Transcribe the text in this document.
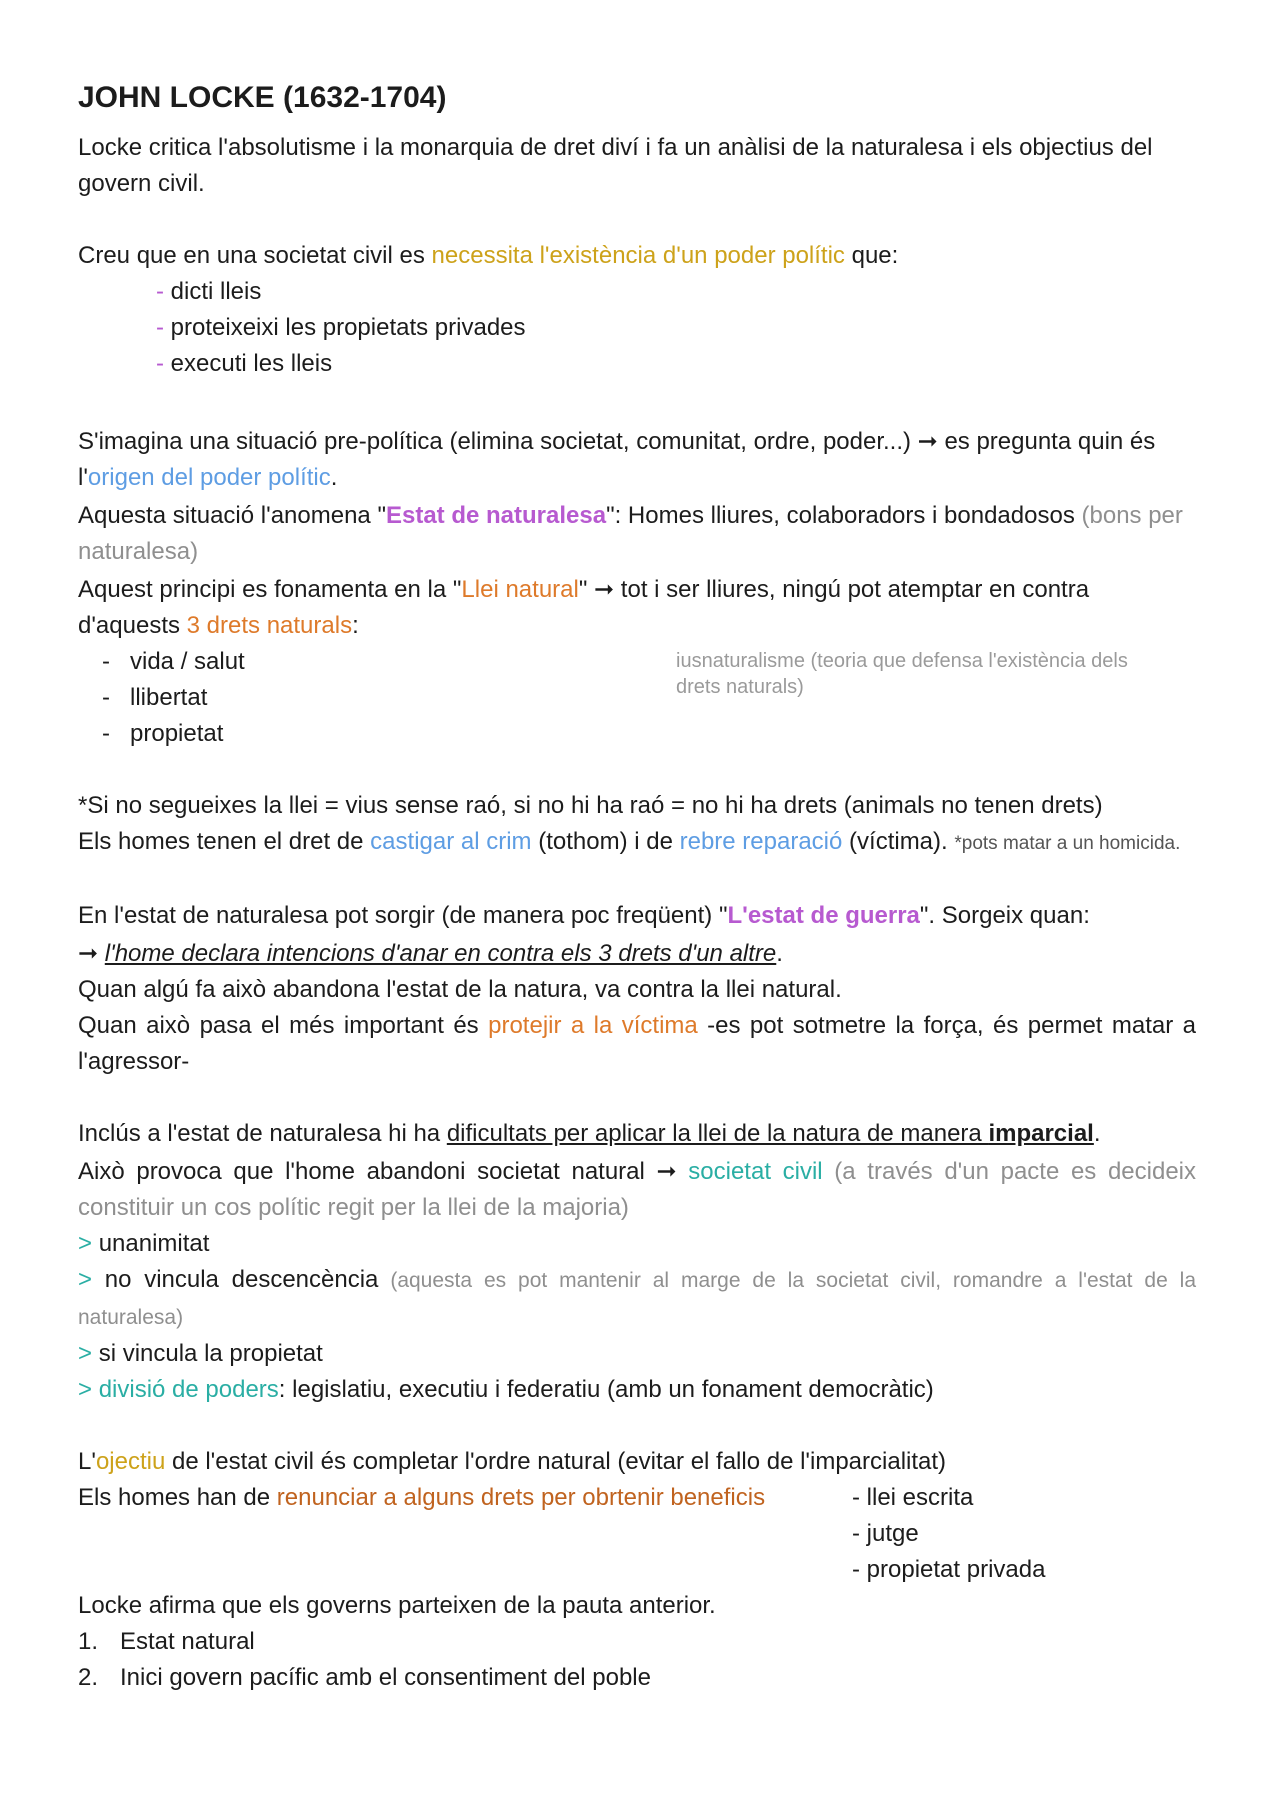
JOHN LOCKE (1632-1704)

Locke critica l'absolutisme i la monarquia de dret diví i fa un anàlisi de la naturalesa i els objectius del govern civil.

Creu que en una societat civil es necessita l'existència d'un poder polític que:

- dicti lleis
- proteixeixi les propietats privades
- executi les lleis

S'imagina una situació pre-política (elimina societat, comunitat, ordre, poder...) ➞ es pregunta quin és l'origen del poder polític.

Aquesta situació l'anomena "Estat de naturalesa": Homes lliures, colaboradors i bondadosos (bons per naturalesa)

Aquest principi es fonamenta en la "Llei natural" ➞ tot i ser lliures, ningú pot atemptar en contra d'aquests 3 drets naturals:

- vida / salut
- llibertat
- propietat
iusnaturalisme (teoria que defensa l'existència dels drets naturals)

*Si no segueixes la llei = vius sense raó, si no hi ha raó = no hi ha drets (animals no tenen drets)

Els homes tenen el dret de castigar al crim (tothom) i de rebre reparació (víctima). *pots matar a un homicida.

En l'estat de naturalesa pot sorgir (de manera poc freqüent) "L'estat de guerra". Sorgeix quan:

➞ l'home declara intencions d'anar en contra els 3 drets d'un altre.

Quan algú fa això abandona l'estat de la natura, va contra la llei natural.

Quan això pasa el més important és protejir a la víctima -es pot sotmetre la força, és permet matar a l'agressor-

Inclús a l'estat de naturalesa hi ha dificultats per aplicar la llei de la natura de manera imparcial.

Això provoca que l'home abandoni societat natural ➞ societat civil (a través d'un pacte es decideix constituir un cos polític regit per la llei de la majoria)

> unanimitat

> no vincula descencència (aquesta es pot mantenir al marge de la societat civil, romandre a l'estat de la naturalesa)

> si vincula la propietat

> divisió de poders: legislatiu, executiu i federatiu (amb un fonament democràtic)

L'ojectiu de l'estat civil és completar l'ordre natural (evitar el fallo de l'imparcialitat)

Els homes han de renunciar a alguns drets per obrtenir beneficis	- llei escrita
- jutge
- propietat privada

Locke afirma que els governs parteixen de la pauta anterior.

1. Estat natural
2. Inici govern pacífic amb el consentiment del poble
